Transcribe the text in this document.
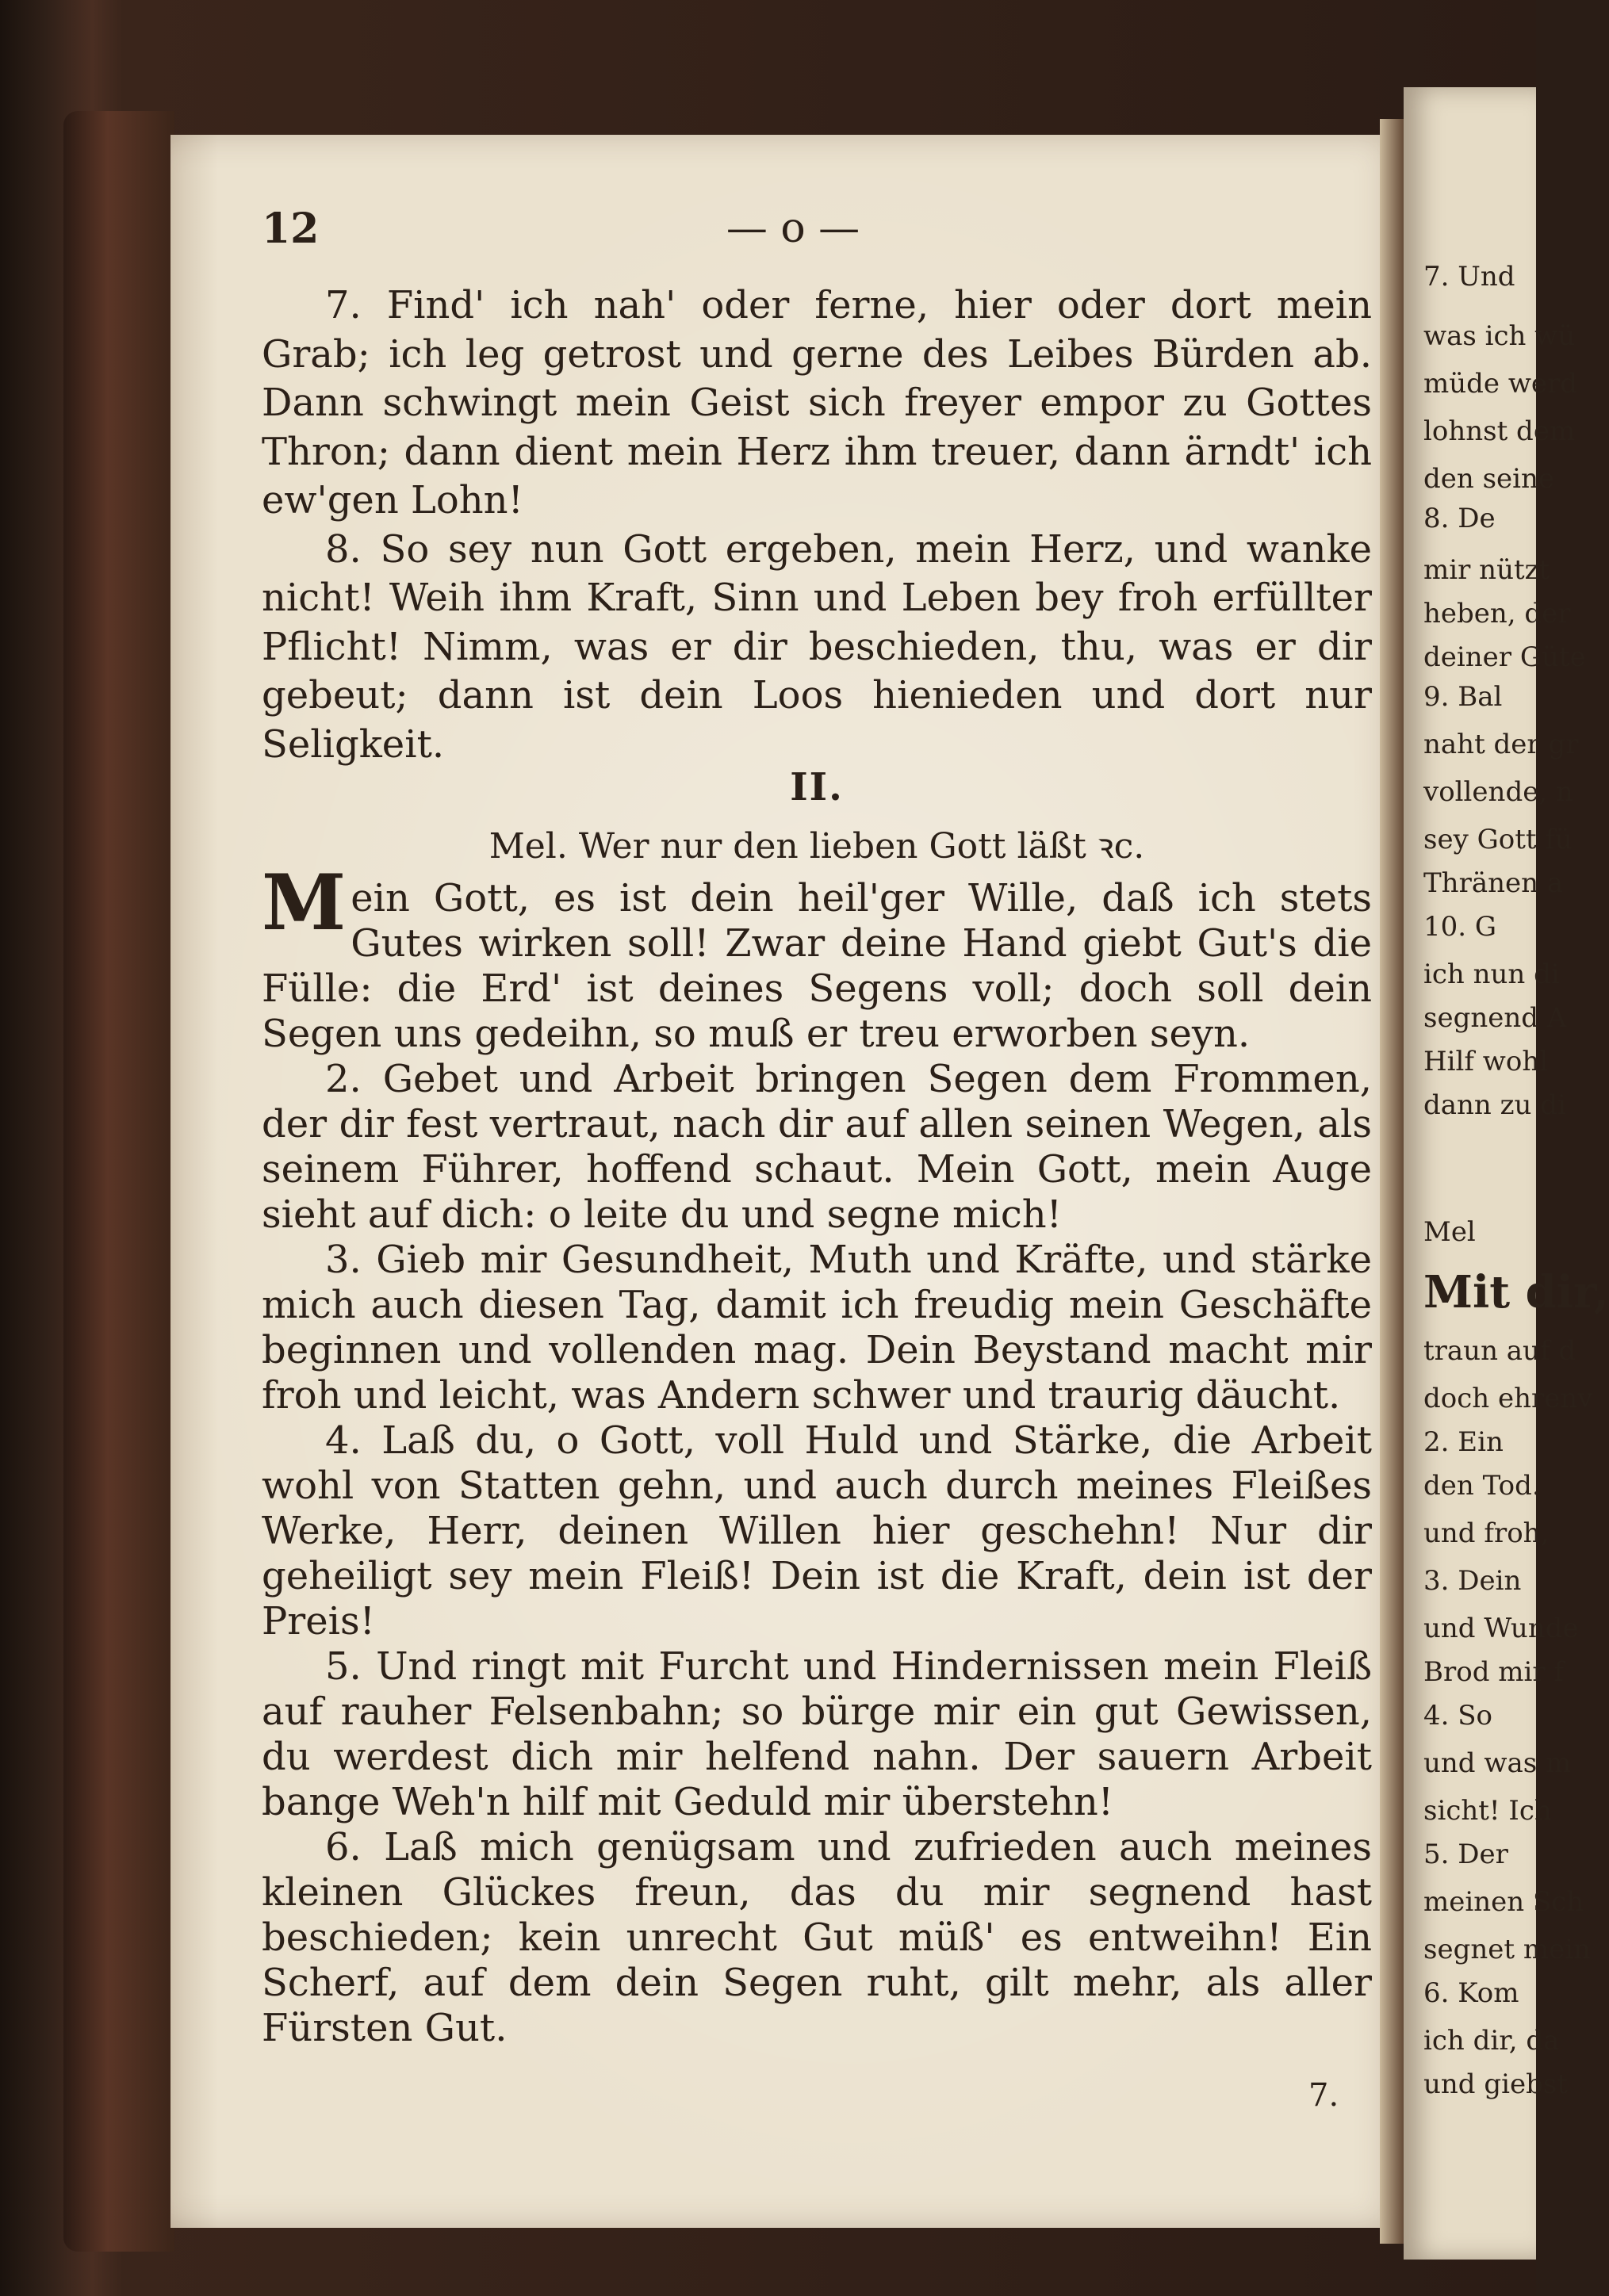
12	— o —

7. Find' ich nah' oder ferne, hier oder dort mein Grab; ich leg getrost und gerne des Leibes Bürden ab. Dann schwingt mein Geist sich freyer empor zu Gottes Thron; dann dient mein Herz ihm treuer, dann ärndt' ich ew'gen Lohn!

8. So sey nun Gott ergeben, mein Herz, und wanke nicht! Weih ihm Kraft, Sinn und Leben bey froh erfüllter Pflicht! Nimm, was er dir beschieden, thu, was er dir gebeut; dann ist dein Loos hienieden und dort nur Seligkeit.

II.
Mel. Wer nur den lieben Gott läßt ꝛc.

Mein Gott, es ist dein heil'ger Wille, daß ich stets Gutes wirken soll! Zwar deine Hand giebt Gut's die Fülle: die Erd' ist deines Segens voll; doch soll dein Segen uns gedeihn, so muß er treu erworben seyn.

2. Gebet und Arbeit bringen Segen dem Frommen, der dir fest vertraut, nach dir auf allen seinen Wegen, als seinem Führer, hoffend schaut. Mein Gott, mein Auge sieht auf dich: o leite du und segne mich!

3. Gieb mir Gesundheit, Muth und Kräfte, und stärke mich auch diesen Tag, damit ich freudig mein Geschäfte beginnen und vollenden mag. Dein Beystand macht mir froh und leicht, was Andern schwer und traurig däucht.

4. Laß du, o Gott, voll Huld und Stärke, die Arbeit wohl von Statten gehn, und auch durch meines Fleißes Werke, Herr, deinen Willen hier geschehn! Nur dir geheiligt sey mein Fleiß! Dein ist die Kraft, dein ist der Preis!

5. Und ringt mit Furcht und Hindernissen mein Fleiß auf rauher Felsenbahn; so bürge mir ein gut Gewissen, du werdest dich mir helfend nahn. Der sauern Arbeit bange Weh'n hilf mit Geduld mir überstehn!

6. Laß mich genügsam und zufrieden auch meines kleinen Glückes freun, das du mir segnend hast beschieden; kein unrecht Gut müß' es entweihn! Ein Scherf, auf dem dein Segen ruht, gilt mehr, als aller Fürsten Gut.

7.
7. Und
was ich wü
müde werd
lohnst dem
den seine
8. De
mir nützt
heben, der
deiner Güte
9. Bal
naht der gr
vollende, n
sey Gott fü
Thränen a
10. G
ich nun di
segnend A
Hilf wohl
dann zu di
Mel
Mit dir,
traun auf d
doch ehrenv
2. Ein
den Tod.
und froh,
3. Dein
und Wunde
Brod mir f
4. So
und was m
sicht! Ich
5. Der
meinen Sch
segnet mein
6. Kom
ich dir, da
und giebst
